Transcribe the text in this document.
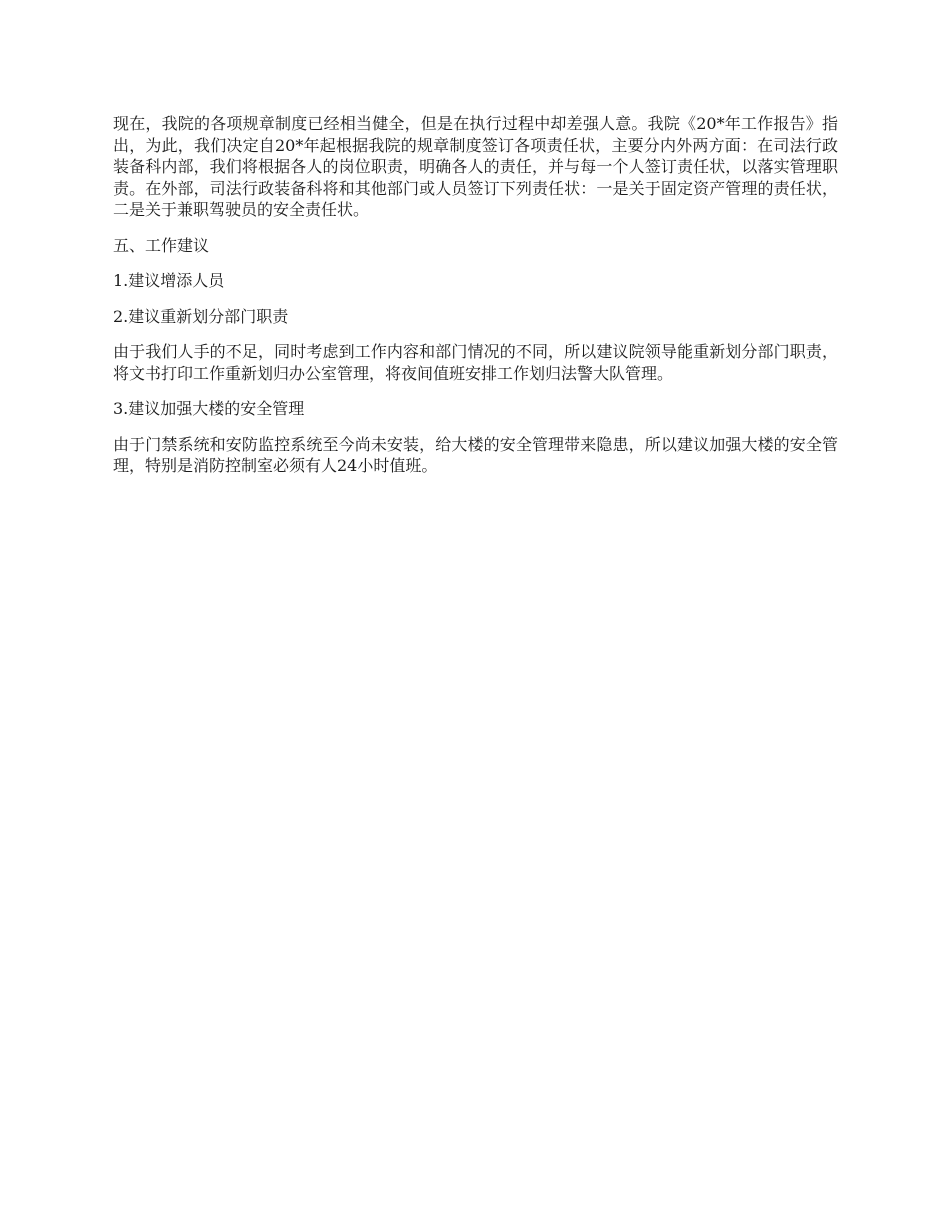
现在，我院的各项规章制度已经相当健全，但是在执行过程中却差强人意。我院《20*年工作报告》指出，为此，我们决定自20*年起根据我院的规章制度签订各项责任状，主要分内外两方面：在司法行政装备科内部，我们将根据各人的岗位职责，明确各人的责任，并与每一个人签订责任状，以落实管理职责。在外部，司法行政装备科将和其他部门或人员签订下列责任状：一是关于固定资产管理的责任状，二是关于兼职驾驶员的安全责任状。

五、工作建议

1.建议增添人员

2.建议重新划分部门职责

由于我们人手的不足，同时考虑到工作内容和部门情况的不同，所以建议院领导能重新划分部门职责，将文书打印工作重新划归办公室管理，将夜间值班安排工作划归法警大队管理。

3.建议加强大楼的安全管理

由于门禁系统和安防监控系统至今尚未安装，给大楼的安全管理带来隐患，所以建议加强大楼的安全管理，特别是消防控制室必须有人24小时值班。
